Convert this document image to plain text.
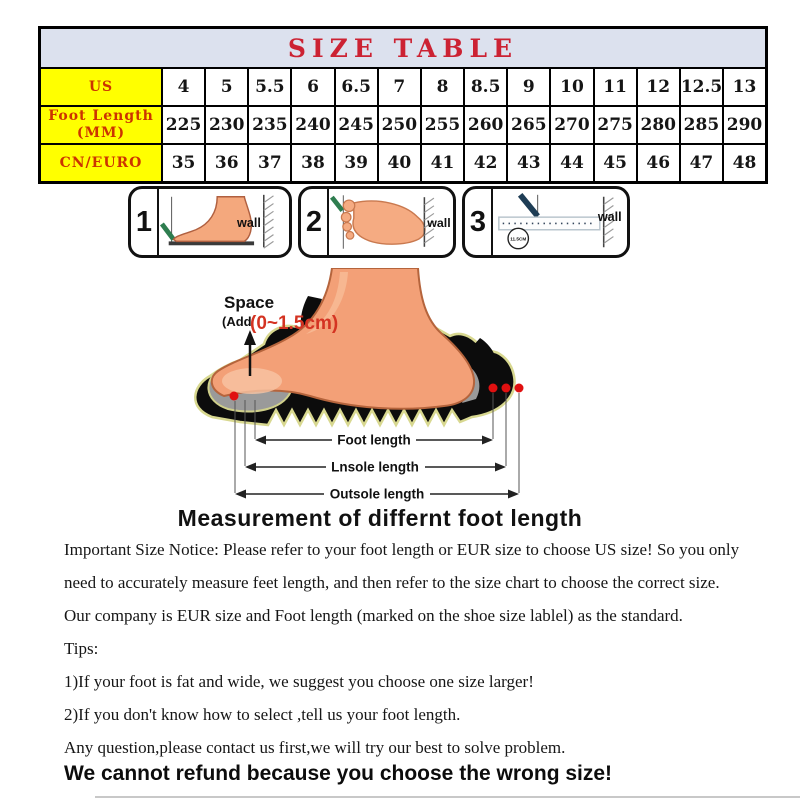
SIZE TABLE														
US	4	5	5.5	6	6.5	7	8	8.5	9	10	11	12	12.5	13
Foot Length
(MM)	225	230	235	240	245	250	255	260	265	270	275	280	285	290
CN/EURO	35	36	37	38	39	40	41	42	43	44	45	46	47	48
1	wall 2	wall 3
11.5CM
wall
Space
(Add
(0~1.5cm)
Foot length
Lnsole length
Outsole length
Measurement of differnt foot length

Important Size Notice: Please refer to your foot length or EUR size to choose US size! So you only

need to accurately measure feet length, and then refer to the size chart to choose the correct size.

Our company is EUR size and Foot length (marked on the shoe size lablel) as the standard.

Tips:

1)If your foot is fat and wide, we suggest you choose one size larger!

2)If you don't know how to select ,tell us your foot length.

Any question,please contact us first,we will try our best to solve problem.

We cannot refund because you choose the wrong size!
